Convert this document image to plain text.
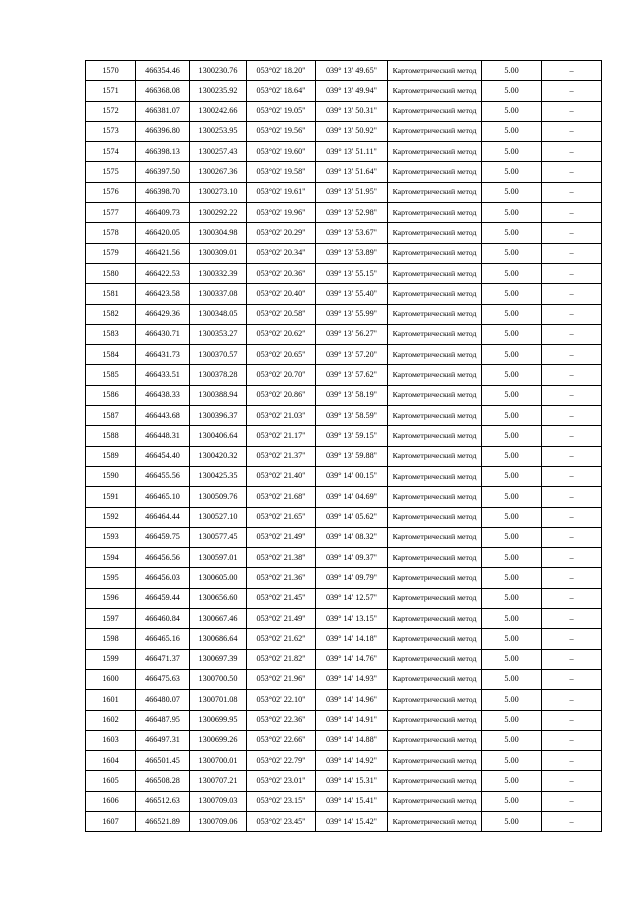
1570	466354.46	1300230.76	053°02' 18.20"	039° 13' 49.65"	Картометрический метод	5.00	–
1571	466368.08	1300235.92	053°02' 18.64"	039° 13' 49.94"	Картометрический метод	5.00	–
1572	466381.07	1300242.66	053°02' 19.05"	039° 13' 50.31"	Картометрический метод	5.00	–
1573	466396.80	1300253.95	053°02' 19.56"	039° 13' 50.92"	Картометрический метод	5.00	–
1574	466398.13	1300257.43	053°02' 19.60"	039° 13' 51.11"	Картометрический метод	5.00	–
1575	466397.50	1300267.36	053°02' 19.58"	039° 13' 51.64"	Картометрический метод	5.00	–
1576	466398.70	1300273.10	053°02' 19.61"	039° 13' 51.95"	Картометрический метод	5.00	–
1577	466409.73	1300292.22	053°02' 19.96"	039° 13' 52.98"	Картометрический метод	5.00	–
1578	466420.05	1300304.98	053°02' 20.29"	039° 13' 53.67"	Картометрический метод	5.00	–
1579	466421.56	1300309.01	053°02' 20.34"	039° 13' 53.89"	Картометрический метод	5.00	–
1580	466422.53	1300332.39	053°02' 20.36"	039° 13' 55.15"	Картометрический метод	5.00	–
1581	466423.58	1300337.08	053°02' 20.40"	039° 13' 55.40"	Картометрический метод	5.00	–
1582	466429.36	1300348.05	053°02' 20.58"	039° 13' 55.99"	Картометрический метод	5.00	–
1583	466430.71	1300353.27	053°02' 20.62"	039° 13' 56.27"	Картометрический метод	5.00	–
1584	466431.73	1300370.57	053°02' 20.65"	039° 13' 57.20"	Картометрический метод	5.00	–
1585	466433.51	1300378.28	053°02' 20.70"	039° 13' 57.62"	Картометрический метод	5.00	–
1586	466438.33	1300388.94	053°02' 20.86"	039° 13' 58.19"	Картометрический метод	5.00	–
1587	466443.68	1300396.37	053°02' 21.03"	039° 13' 58.59"	Картометрический метод	5.00	–
1588	466448.31	1300406.64	053°02' 21.17"	039° 13' 59.15"	Картометрический метод	5.00	–
1589	466454.40	1300420.32	053°02' 21.37"	039° 13' 59.88"	Картометрический метод	5.00	–
1590	466455.56	1300425.35	053°02' 21.40"	039° 14' 00.15"	Картометрический метод	5.00	–
1591	466465.10	1300509.76	053°02' 21.68"	039° 14' 04.69"	Картометрический метод	5.00	–
1592	466464.44	1300527.10	053°02' 21.65"	039° 14' 05.62"	Картометрический метод	5.00	–
1593	466459.75	1300577.45	053°02' 21.49"	039° 14' 08.32"	Картометрический метод	5.00	–
1594	466456.56	1300597.01	053°02' 21.38"	039° 14' 09.37"	Картометрический метод	5.00	–
1595	466456.03	1300605.00	053°02' 21.36"	039° 14' 09.79"	Картометрический метод	5.00	–
1596	466459.44	1300656.60	053°02' 21.45"	039° 14' 12.57"	Картометрический метод	5.00	–
1597	466460.84	1300667.46	053°02' 21.49"	039° 14' 13.15"	Картометрический метод	5.00	–
1598	466465.16	1300686.64	053°02' 21.62"	039° 14' 14.18"	Картометрический метод	5.00	–
1599	466471.37	1300697.39	053°02' 21.82"	039° 14' 14.76"	Картометрический метод	5.00	–
1600	466475.63	1300700.50	053°02' 21.96"	039° 14' 14.93"	Картометрический метод	5.00	–
1601	466480.07	1300701.08	053°02' 22.10"	039° 14' 14.96"	Картометрический метод	5.00	–
1602	466487.95	1300699.95	053°02' 22.36"	039° 14' 14.91"	Картометрический метод	5.00	–
1603	466497.31	1300699.26	053°02' 22.66"	039° 14' 14.88"	Картометрический метод	5.00	–
1604	466501.45	1300700.01	053°02' 22.79"	039° 14' 14.92"	Картометрический метод	5.00	–
1605	466508.28	1300707.21	053°02' 23.01"	039° 14' 15.31"	Картометрический метод	5.00	–
1606	466512.63	1300709.03	053°02' 23.15"	039° 14' 15.41"	Картометрический метод	5.00	–
1607	466521.89	1300709.06	053°02' 23.45"	039° 14' 15.42"	Картометрический метод	5.00	–
